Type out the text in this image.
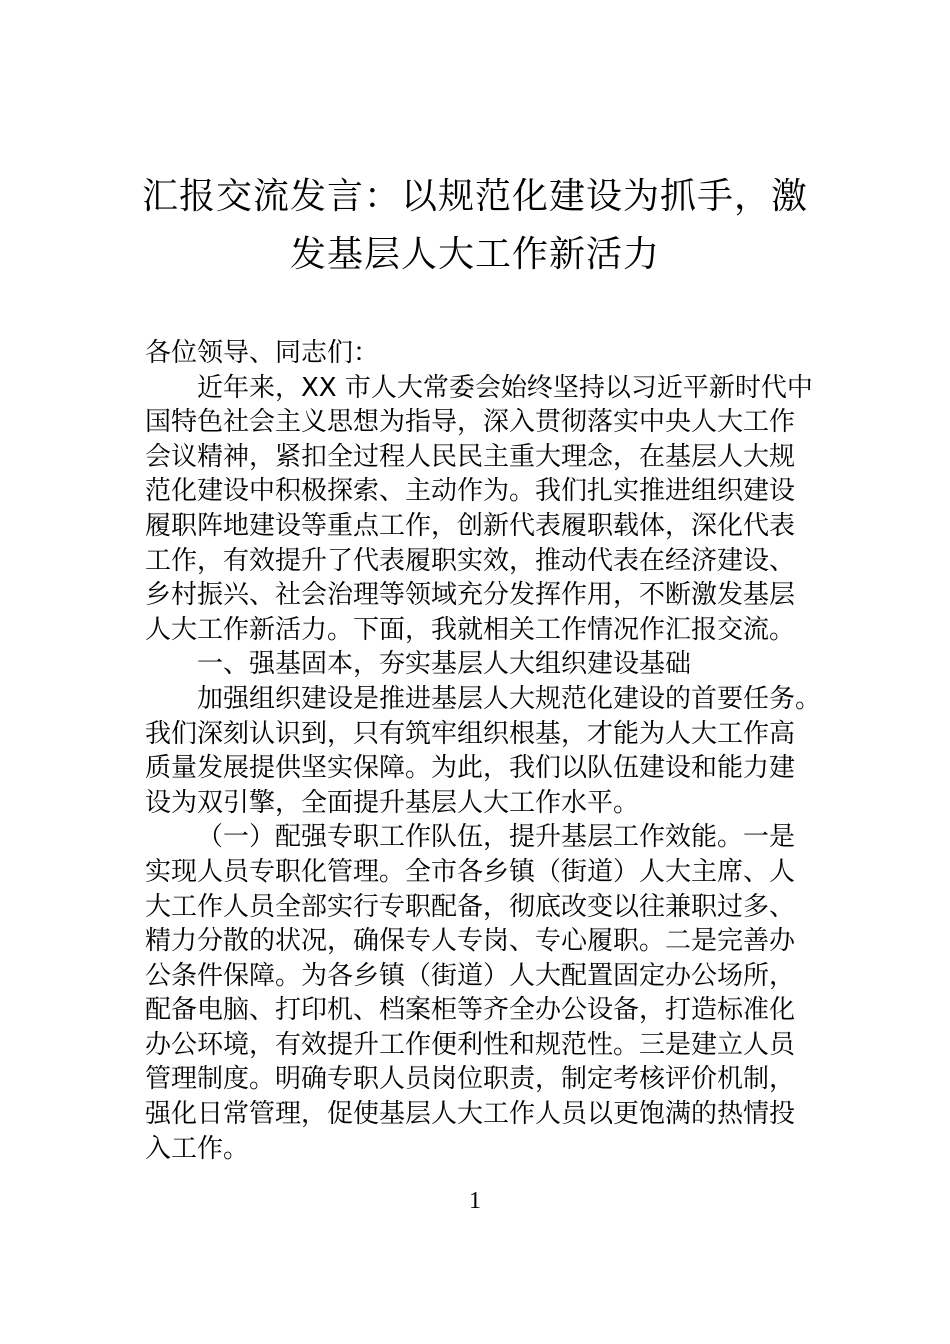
汇报交流发言：以规范化建设为抓手，激
发基层人大工作新活力
各位领导、同志们：
近年来，XX 市人大常委会始终坚持以习近平新时代中
国特色社会主义思想为指导，深入贯彻落实中央人大工作
会议精神，紧扣全过程人民民主重大理念，在基层人大规
范化建设中积极探索、主动作为。我们扎实推进组织建设
履职阵地建设等重点工作，创新代表履职载体，深化代表
工作，有效提升了代表履职实效，推动代表在经济建设、
乡村振兴、社会治理等领域充分发挥作用，不断激发基层
人大工作新活力。下面，我就相关工作情况作汇报交流。
一、强基固本，夯实基层人大组织建设基础
加强组织建设是推进基层人大规范化建设的首要任务。
我们深刻认识到，只有筑牢组织根基，才能为人大工作高
质量发展提供坚实保障。为此，我们以队伍建设和能力建
设为双引擎，全面提升基层人大工作水平。
（一）配强专职工作队伍，提升基层工作效能。一是
实现人员专职化管理。全市各乡镇（街道）人大主席、人
大工作人员全部实行专职配备，彻底改变以往兼职过多、
精力分散的状况，确保专人专岗、专心履职。二是完善办
公条件保障。为各乡镇（街道）人大配置固定办公场所，
配备电脑、打印机、档案柜等齐全办公设备，打造标准化
办公环境，有效提升工作便利性和规范性。三是建立人员
管理制度。明确专职人员岗位职责，制定考核评价机制，
强化日常管理，促使基层人大工作人员以更饱满的热情投
入工作。
1
